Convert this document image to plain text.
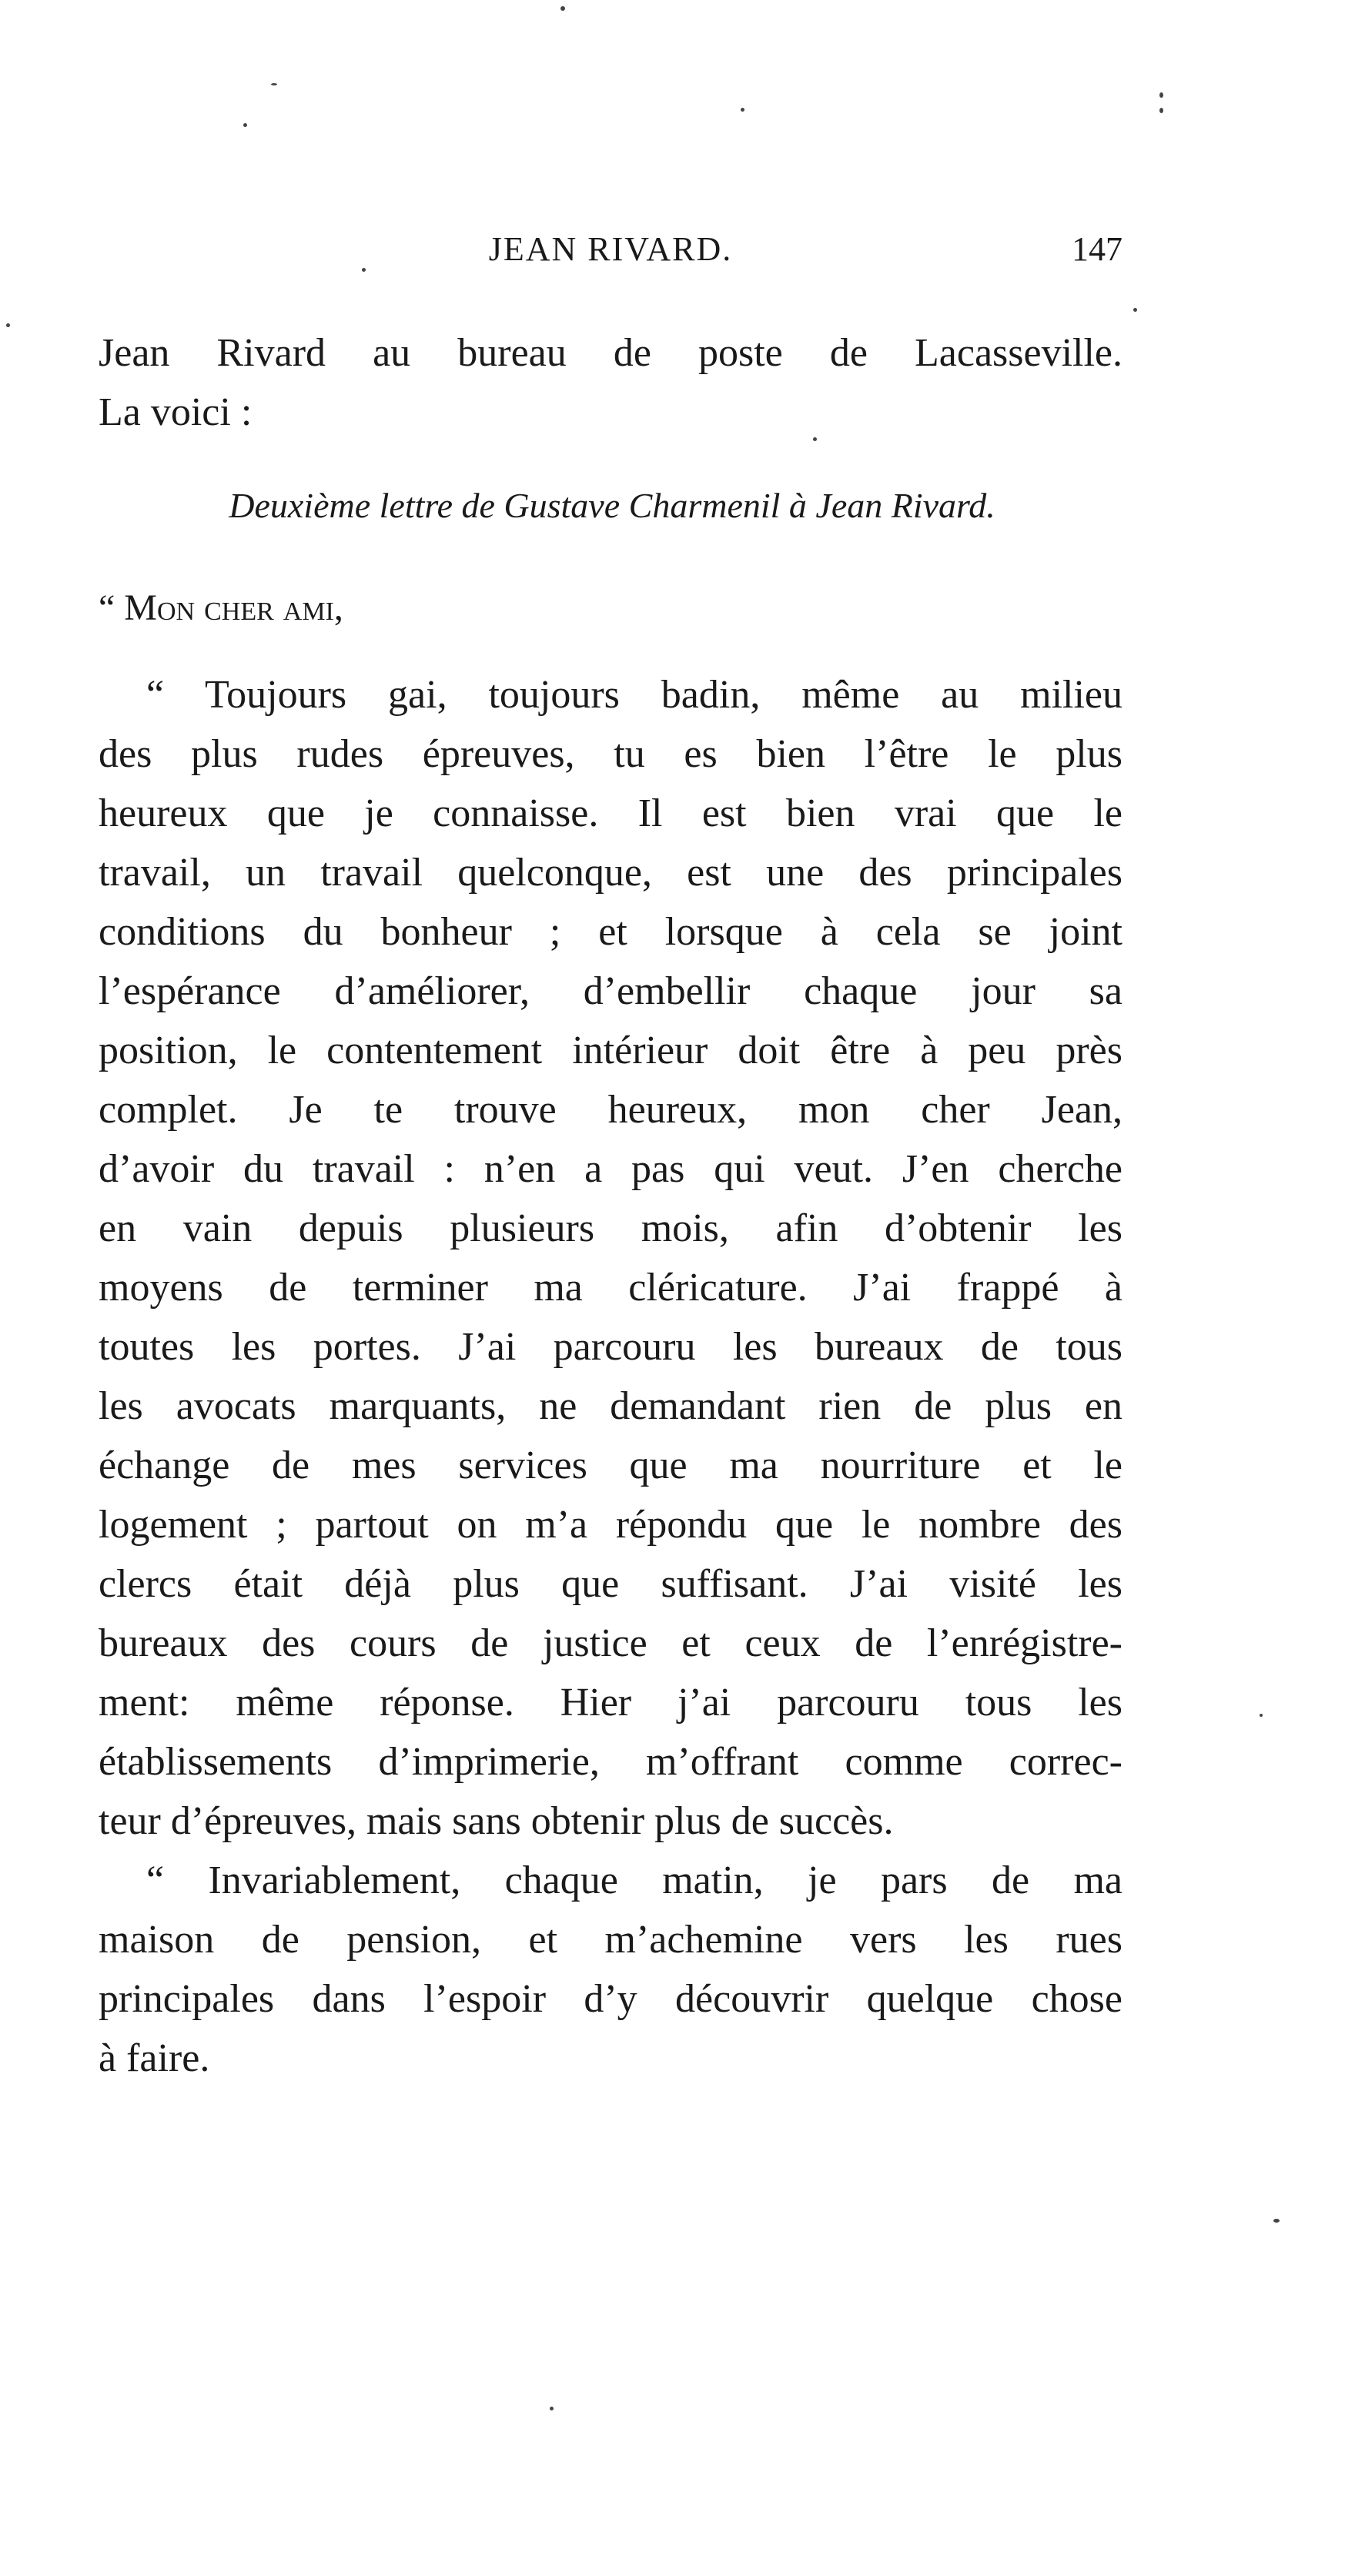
JEAN RIVARD.	147
Jean Rivard au bureau de poste de Lacasseville.
La voici :
Deuxième lettre de Gustave Charmenil à Jean Rivard.
“ Mon cher ami,
“ Toujours gai, toujours badin, même au milieu
des plus rudes épreuves, tu es bien l’être le plus
heureux que je connaisse. Il est bien vrai que le
travail, un travail quelconque, est une des principales
conditions du bonheur ; et lorsque à cela se joint
l’espérance d’améliorer, d’embellir chaque jour sa
position, le contentement intérieur doit être à peu près
complet. Je te trouve heureux, mon cher Jean,
d’avoir du travail : n’en a pas qui veut. J’en cherche
en vain depuis plusieurs mois, afin d’obtenir les
moyens de terminer ma cléricature. J’ai frappé à
toutes les portes. J’ai parcouru les bureaux de tous
les avocats marquants, ne demandant rien de plus en
échange de mes services que ma nourriture et le
logement ; partout on m’a répondu que le nombre des
clercs était déjà plus que suffisant. J’ai visité les
bureaux des cours de justice et ceux de l’enrégistre-
ment: même réponse. Hier j’ai parcouru tous les
établissements d’imprimerie, m’offrant comme correc-
teur d’épreuves, mais sans obtenir plus de succès.
“ Invariablement, chaque matin, je pars de ma
maison de pension, et m’achemine vers les rues
principales dans l’espoir d’y découvrir quelque chose
à faire.
